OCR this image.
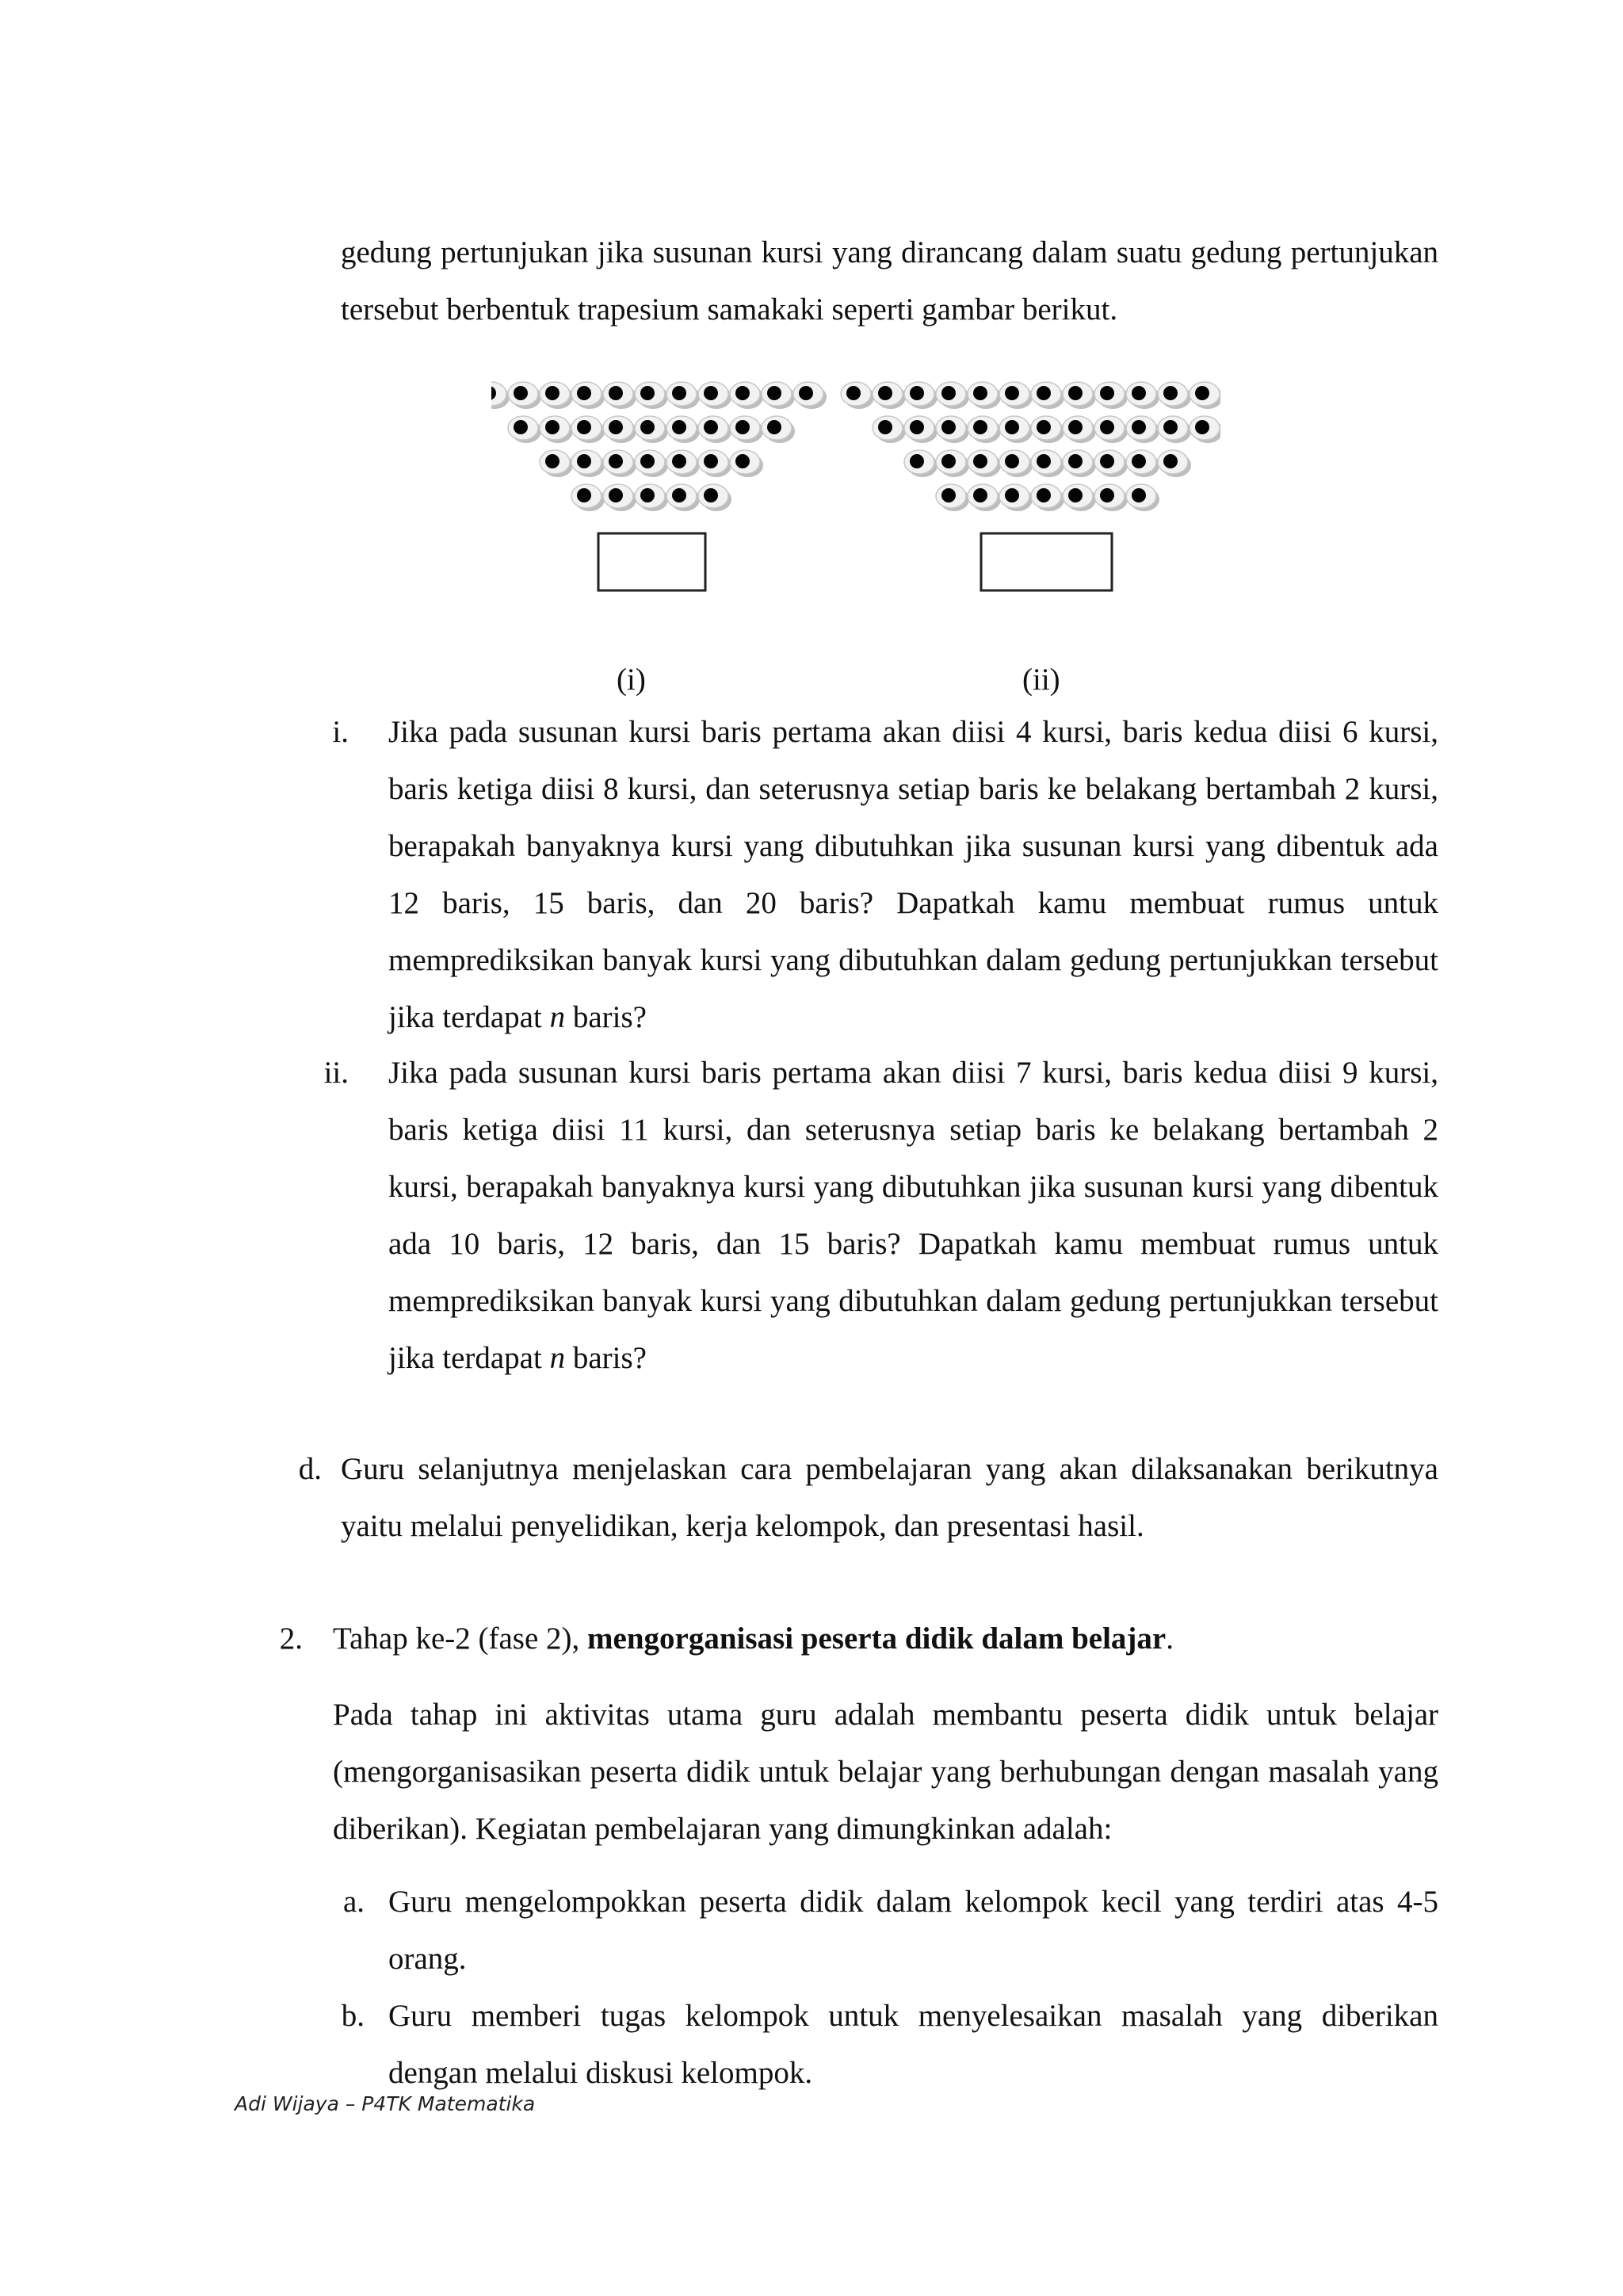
gedung pertunjukan jika susunan kursi yang dirancang dalam suatu gedung pertunjukan tersebut berbentuk trapesium samakaki seperti gambar berikut.

(i)	(ii)
i. Jika pada susunan kursi baris pertama akan diisi 4 kursi, baris kedua diisi 6 kursi, baris ketiga diisi 8 kursi, dan seterusnya setiap baris ke belakang bertambah 2 kursi, berapakah banyaknya kursi yang dibutuhkan jika susunan kursi yang dibentuk ada 12 baris, 15 baris, dan 20 baris? Dapatkah kamu membuat rumus untuk memprediksikan banyak kursi yang dibutuhkan dalam gedung pertunjukkan tersebut jika terdapat n baris?

ii. Jika pada susunan kursi baris pertama akan diisi 7 kursi, baris kedua diisi 9 kursi, baris ketiga diisi 11 kursi, dan seterusnya setiap baris ke belakang bertambah 2 kursi, berapakah banyaknya kursi yang dibutuhkan jika susunan kursi yang dibentuk ada 10 baris, 12 baris, dan 15 baris? Dapatkah kamu membuat rumus untuk memprediksikan banyak kursi yang dibutuhkan dalam gedung pertunjukkan tersebut jika terdapat n baris?

d. Guru selanjutnya menjelaskan cara pembelajaran yang akan dilaksanakan berikutnya yaitu melalui penyelidikan, kerja kelompok, dan presentasi hasil.

2. Tahap ke-2 (fase 2), mengorganisasi peserta didik dalam belajar.

Pada tahap ini aktivitas utama guru adalah membantu peserta didik untuk belajar (mengorganisasikan peserta didik untuk belajar yang berhubungan dengan masalah yang diberikan). Kegiatan pembelajaran yang dimungkinkan adalah:

a. Guru mengelompokkan peserta didik dalam kelompok kecil yang terdiri atas 4-5 orang.

b. Guru memberi tugas kelompok untuk menyelesaikan masalah yang diberikan dengan melalui diskusi kelompok.

Adi Wijaya – P4TK Matematika
